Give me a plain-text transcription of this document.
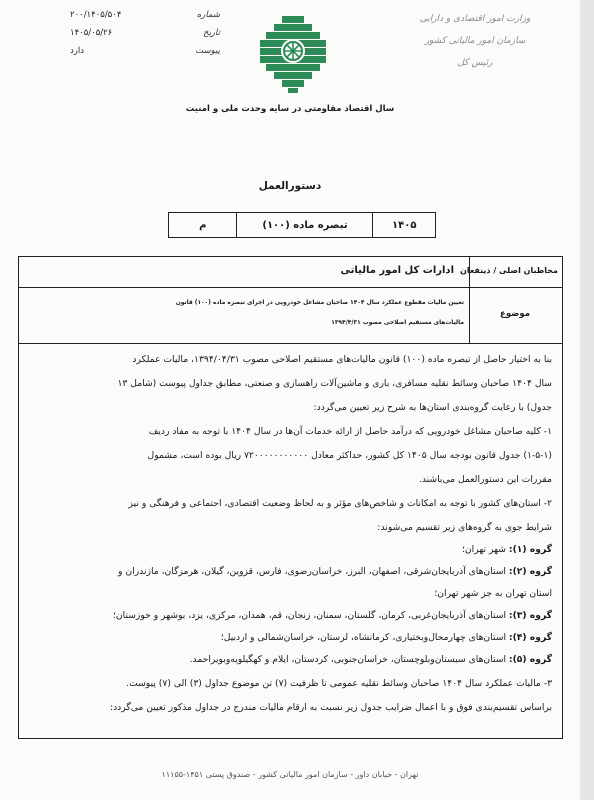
وزارت امور اقتصادی و دارایی
سازمان امور مالیاتی کشور
رئیس کل
شماره
۲۰۰/۱۴۰۵/۵۰۴
تاریخ
۱۴۰۵/۰۵/۲۶
پیوست
دارد
سال اقتصاد مقاومتی در سایه وحدت ملی و امنیت
دستورالعمل
۱۴۰۵
تبصره ماده (۱۰۰)
م
مخاطبان اصلی / ذینفعان
ادارات کل امور مالیاتی
موضوع
تعیین مالیات مقطوع عملکرد سال ۱۴۰۴ صاحبان مشاغل خودرویی در اجرای تبصره ماده (۱۰۰) قانون
مالیات‌های مستقیم اصلاحی مصوب ۱۳۹۴/۴/۳۱
بنا به اختیار حاصل از تبصره ماده (۱۰۰) قانون مالیات‌های مستقیم اصلاحی مصوب ۱۳۹۴/۰۴/۳۱، مالیات عملکرد
سال ۱۴۰۴ صاحبان وسائط نقلیه مسافری، باری و ماشین‌آلات راهسازی و صنعتی، مطابق جداول پیوست (شامل ۱۳
جدول) با رعایت گروه‌بندی استان‌ها به شرح زیر تعیین می‌گردد:
۱- کلیه صاحبان مشاغل خودرویی که درآمد حاصل از ارائه خدمات آن‌ها در سال ۱۴۰۴ با توجه به مفاد ردیف
(۱-۵-۱) جدول قانون بودجه سال ۱۴۰۵ کل کشور، حداکثر معادل ۷۲۰۰۰۰۰۰۰۰۰۰۰ ریال بوده است، مشمول
مقررات این دستورالعمل می‌باشند.
۲- استان‌های کشور با توجه به امکانات و شاخص‌های مؤثر و به لحاظ وضعیت اقتصادی، اجتماعی و فرهنگی و نیز
شرایط جوی به گروه‌های زیر تقسیم می‌شوند:
گروه (۱): شهر تهران؛
گروه (۲): استان‌های آذربایجان‌شرقی، اصفهان، البرز، خراسان‌رضوی، فارس، قزوین، گیلان، هرمزگان، مازندران و
استان تهران به جز شهر تهران؛
گروه (۳): استان‌های آذربایجان‌غربی، کرمان، گلستان، سمنان، زنجان، قم، همدان، مرکزی، یزد، بوشهر و خوزستان؛
گروه (۴): استان‌های چهارمحال‌وبختیاری، کرمانشاه، لرستان، خراسان‌شمالی و اردبیل؛
گروه (۵): استان‌های سیستان‌وبلوچستان، خراسان‌جنوبی، کردستان، ایلام و کهگیلویه‌وبویراحمد.
۳- مالیات عملکرد سال ۱۴۰۴ صاحبان وسائط نقلیه عمومی تا ظرفیت (۷) تن موضوع جداول (۳) الی (۷) پیوست.
براساس تقسیم‌بندی فوق و با اعمال ضرایب جدول زیر نسبت به ارقام مالیات مندرج در جداول مذکور تعیین می‌گردد:
تهران - خیابان داور - سازمان امور مالیاتی کشور - صندوق پستی ۱۴۵۱-۱۱۱۵۵
